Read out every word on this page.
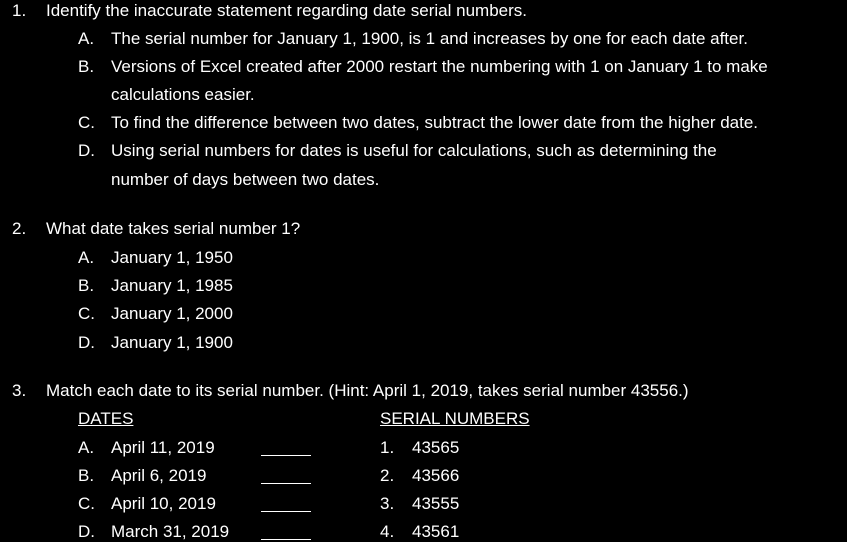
1. Identify the inaccurate statement regarding date serial numbers.
A. The serial number for January 1, 1900, is 1 and increases by one for each date after.
B. Versions of Excel created after 2000 restart the numbering with 1 on January 1 to make
calculations easier.
C. To find the difference between two dates, subtract the lower date from the higher date.
D. Using serial numbers for dates is useful for calculations, such as determining the
number of days between two dates.
2. What date takes serial number 1?
A. January 1, 1950
B. January 1, 1985
C. January 1, 2000
D. January 1, 1900
3. Match each date to its serial number. (Hint: April 1, 2019, takes serial number 43556.)
DATES	SERIAL NUMBERS
A. April 11, 2019	1. 43565
B. April 6, 2019	2. 43566
C. April 10, 2019	3. 43555
D. March 31, 2019	4. 43561
